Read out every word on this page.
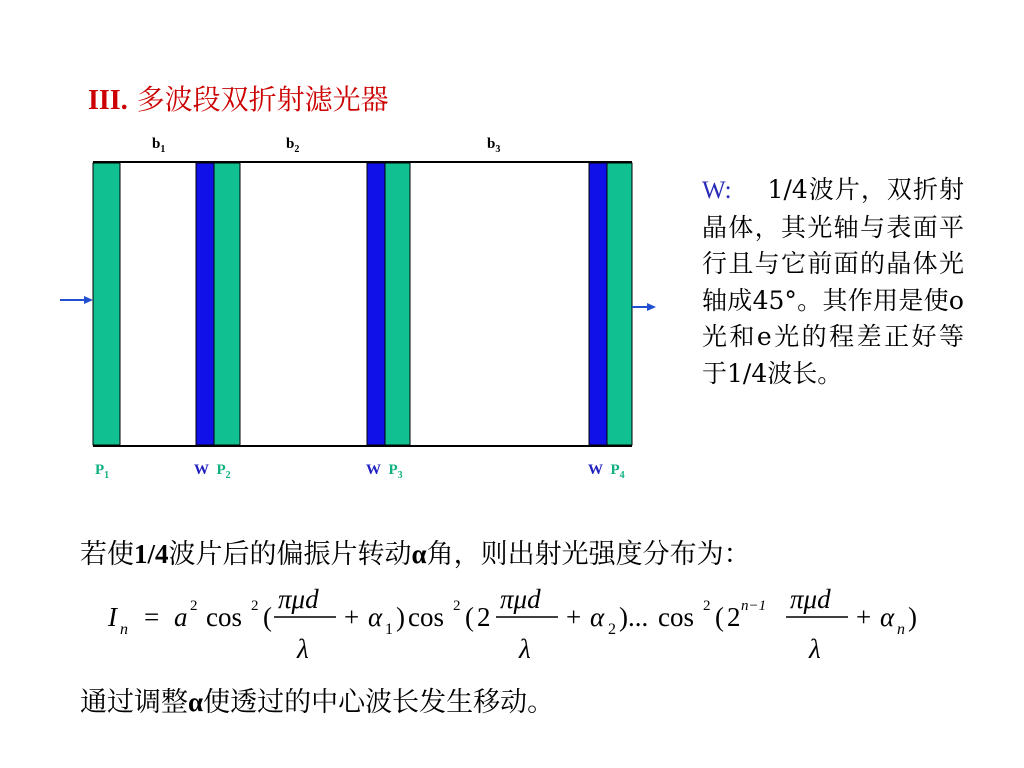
III. 多波段双折射滤光器
$b_1$	$b_2$	$b_3$
$P_1$	W $P_2$	W $P_3$	W $P_4$
W: 1/4波片，双折射晶体，其光轴与表面平行且与它前面的晶体光轴成45°。其作用是使o光和e光的程差正好等于1/4波长。
若使1/4波片后的偏振片转动α角，则出射光强度分布为：
I n = a 2 cos 2 (
πμd
λ
+ α 1 ) cos 2 ( 2
πμd
λ
+ α 2 ) ... cos 2 ( 2 n−1 πμd
λ
+ α n )
通过调整α使透过的中心波长发生移动。
